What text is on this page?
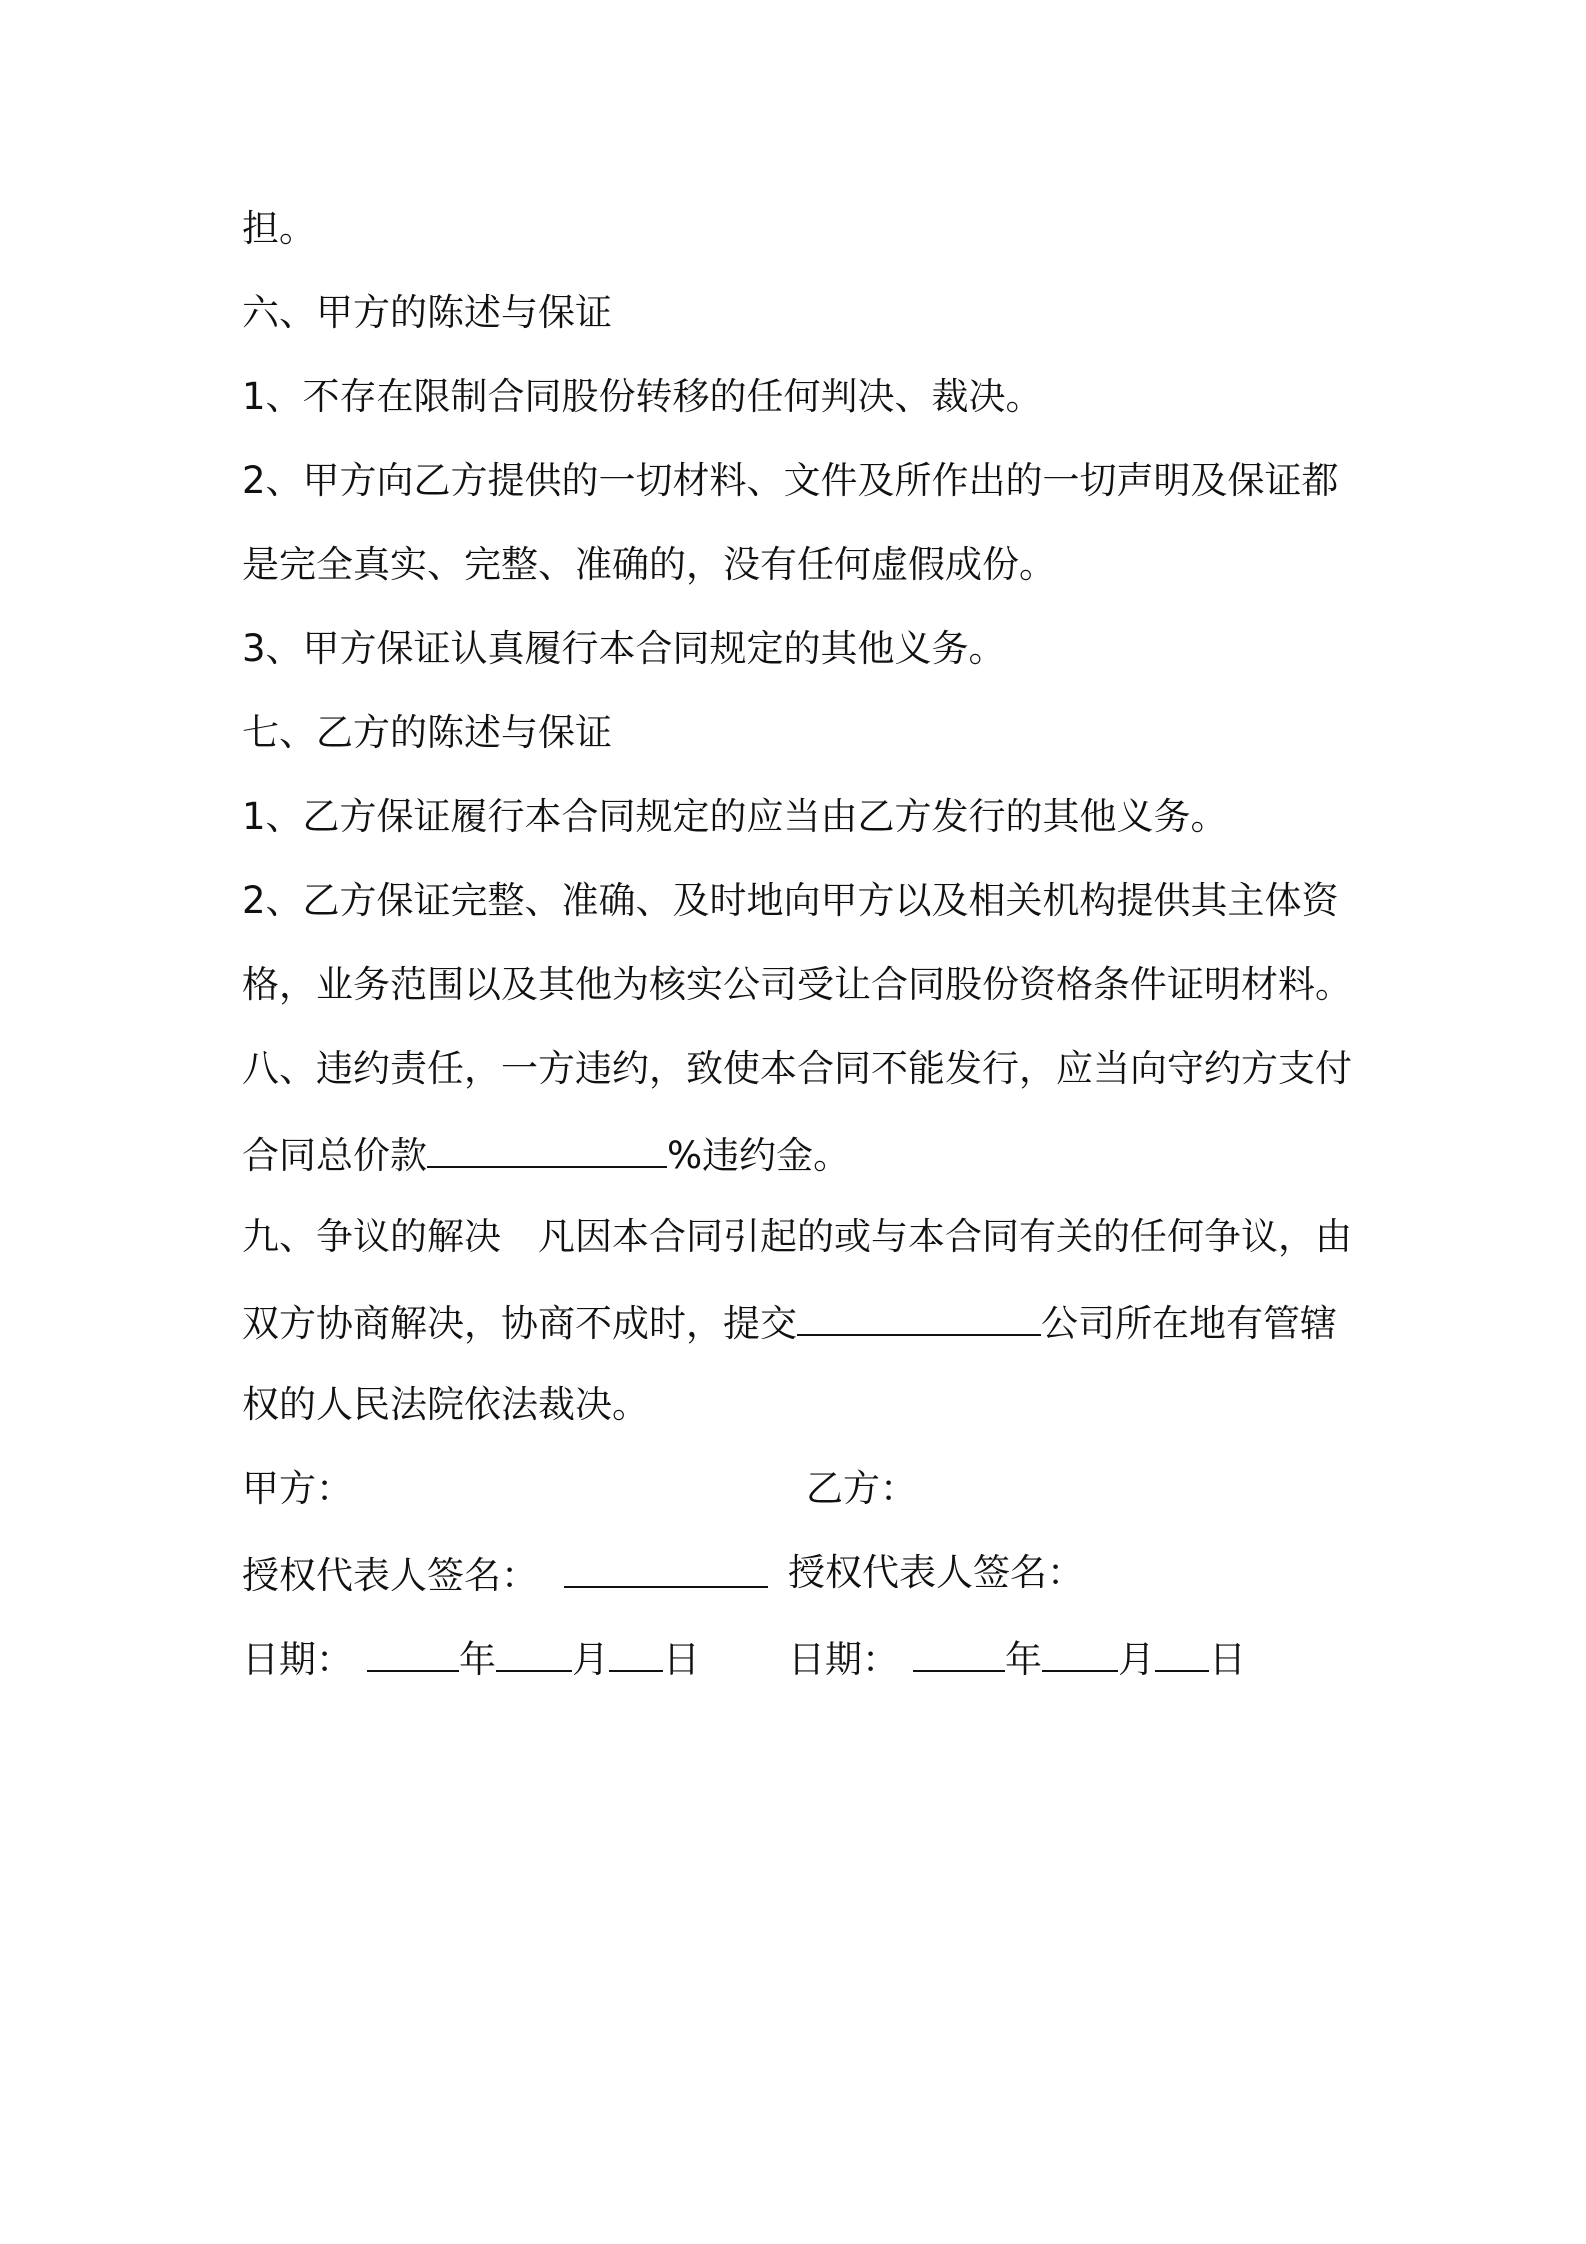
担。
六、甲方的陈述与保证
1、不存在限制合同股份转移的任何判决、裁决。
2、甲方向乙方提供的一切材料、文件及所作出的一切声明及保证都
是完全真实、完整、准确的，没有任何虚假成份。
3、甲方保证认真履行本合同规定的其他义务。
七、乙方的陈述与保证
1、乙方保证履行本合同规定的应当由乙方发行的其他义务。
2、乙方保证完整、准确、及时地向甲方以及相关机构提供其主体资
格，业务范围以及其他为核实公司受让合同股份资格条件证明材料。
八、违约责任，一方违约，致使本合同不能发行，应当向守约方支付
合同总价款	%违约金。
九、争议的解决　凡因本合同引起的或与本合同有关的任何争议，由
双方协商解决，协商不成时，提交	公司所在地有管辖
权的人民法院依法裁决。
甲方：	乙方：
授权代表人签名：	授权代表人签名：
日期：	年 月 日 日期：	年 月 日
